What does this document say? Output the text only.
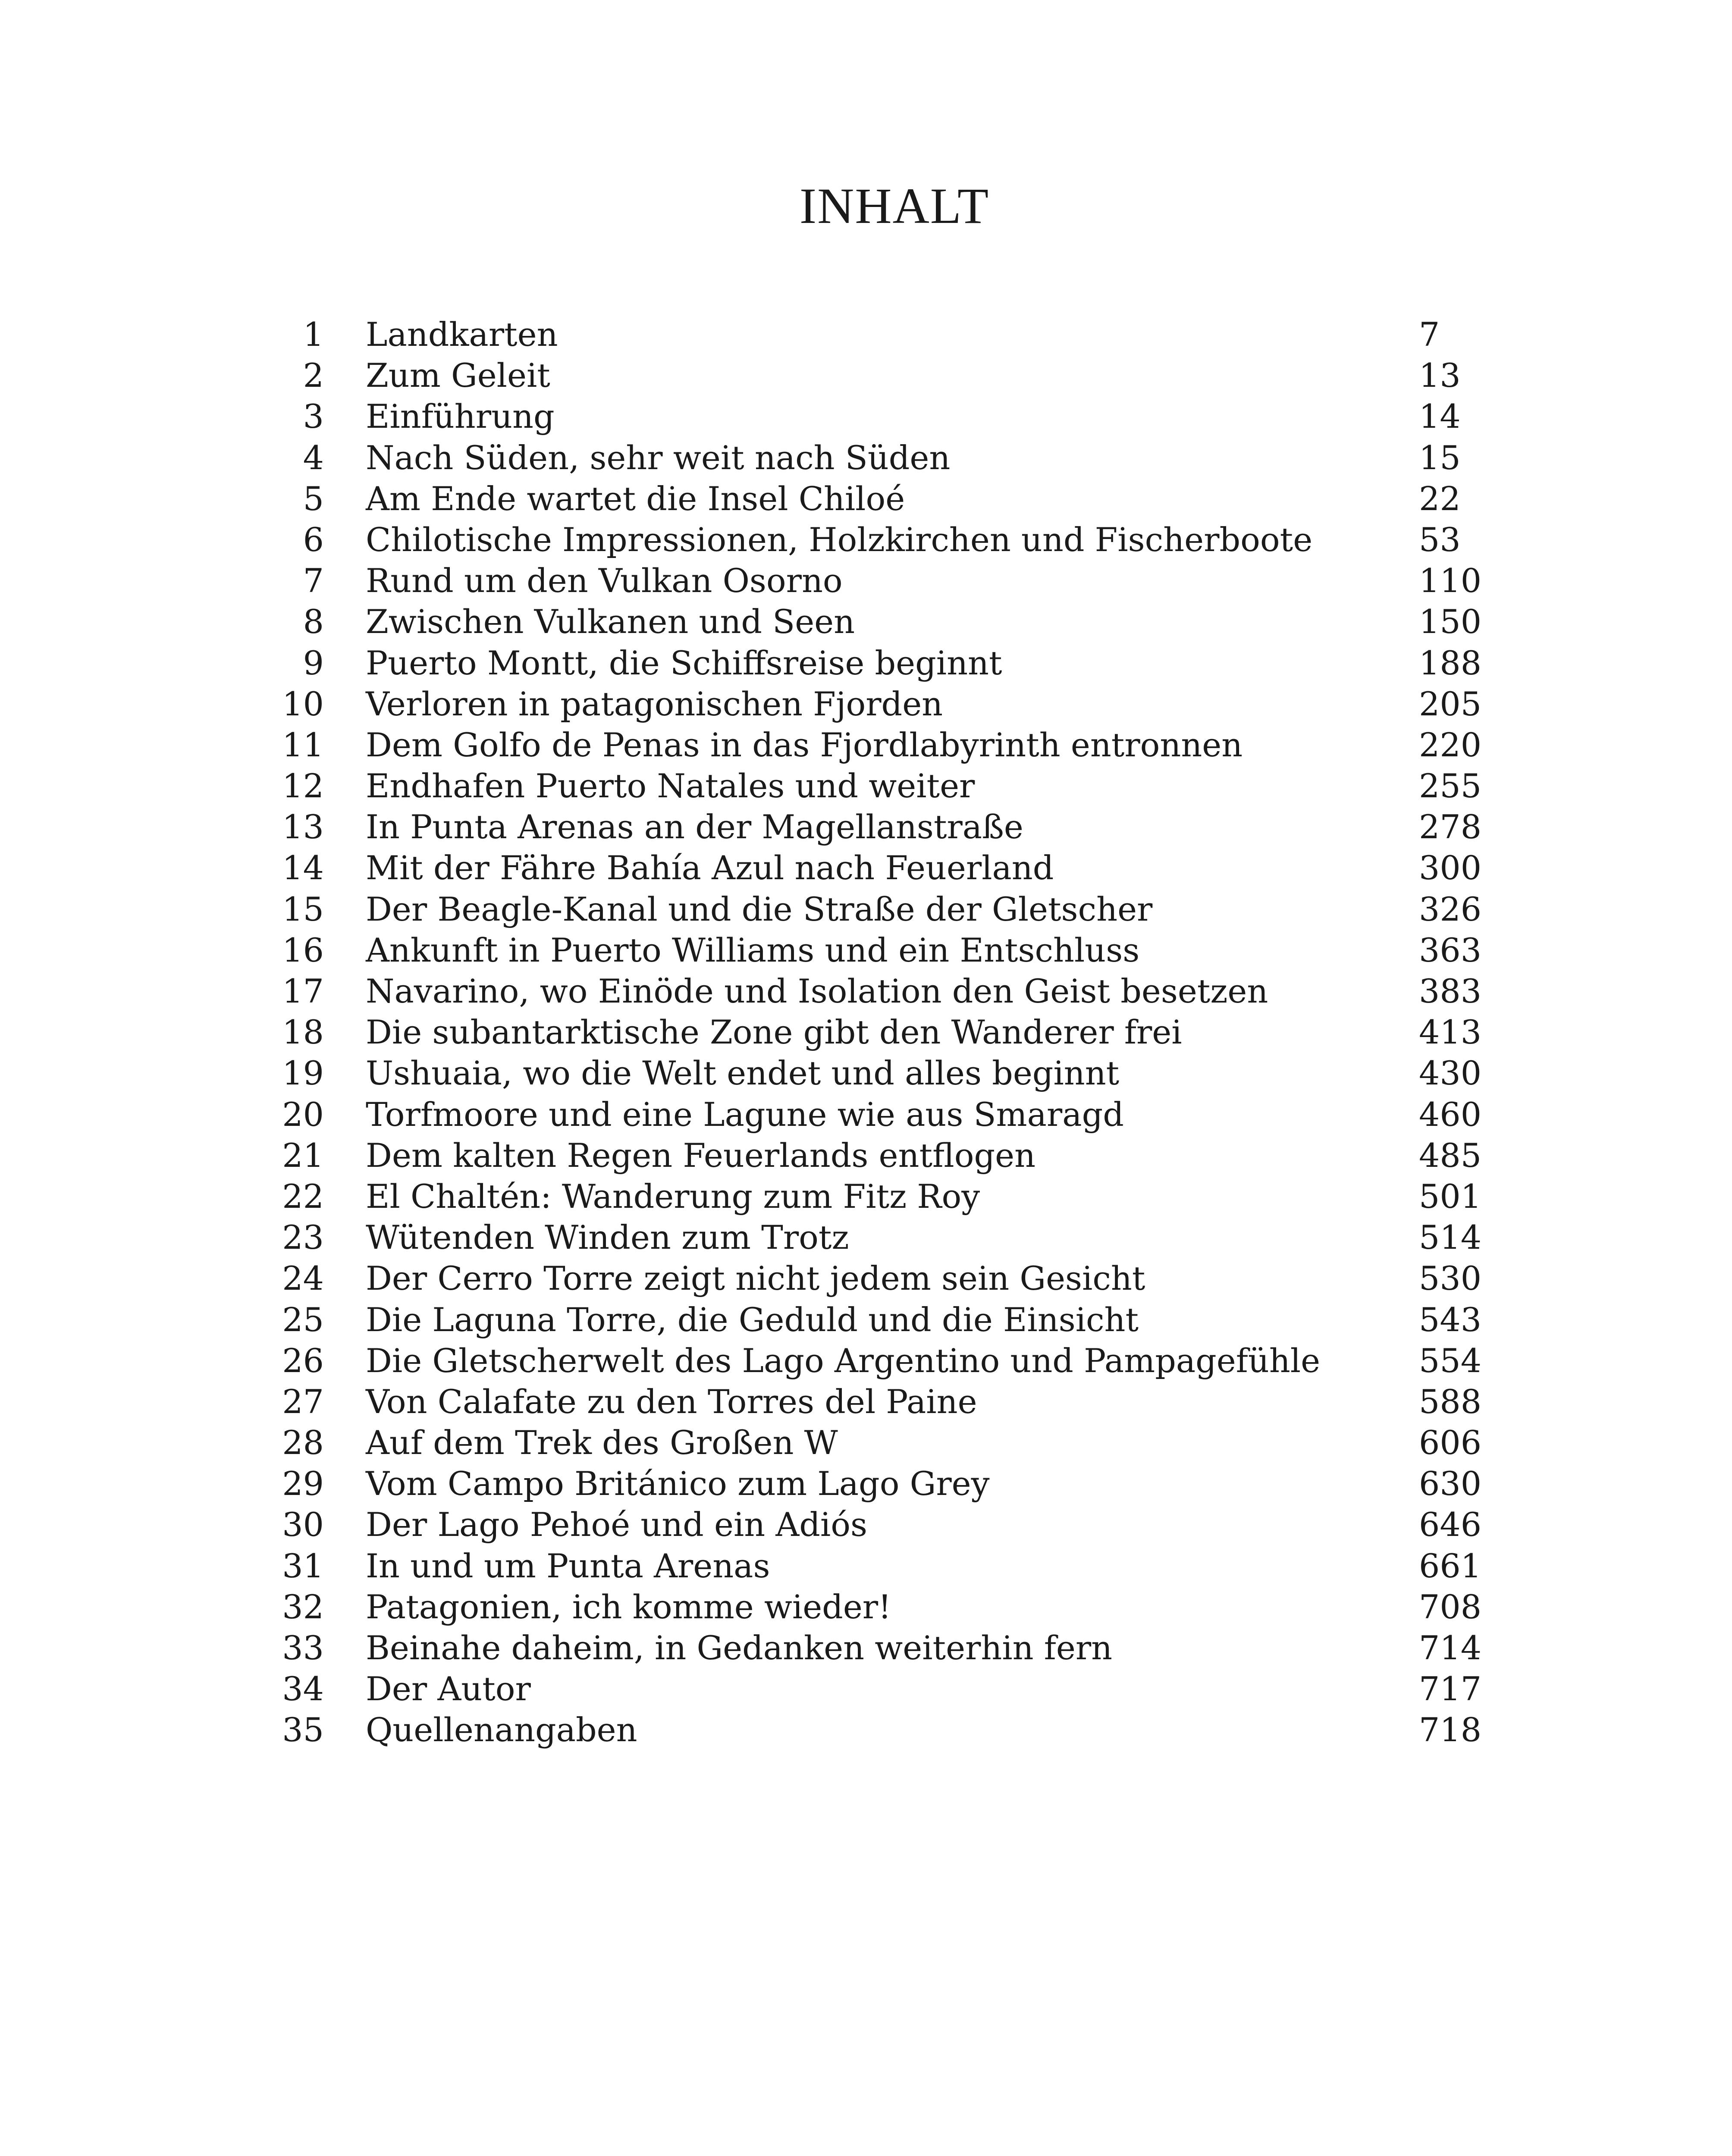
INHALT
1 Landkarten	7
2 Zum Geleit	13
3 Einführung	14
4 Nach Süden, sehr weit nach Süden	15
5 Am Ende wartet die Insel Chiloé	22
6 Chilotische Impressionen, Holzkirchen und Fischerboote	53
7 Rund um den Vulkan Osorno	110
8 Zwischen Vulkanen und Seen	150
9 Puerto Montt, die Schiffsreise beginnt	188
10 Verloren in patagonischen Fjorden	205
11 Dem Golfo de Penas in das Fjordlabyrinth entronnen	220
12 Endhafen Puerto Natales und weiter	255
13 In Punta Arenas an der Magellanstraße	278
14 Mit der Fähre Bahía Azul nach Feuerland	300
15 Der Beagle-Kanal und die Straße der Gletscher	326
16 Ankunft in Puerto Williams und ein Entschluss	363
17 Navarino, wo Einöde und Isolation den Geist besetzen	383
18 Die subantarktische Zone gibt den Wanderer frei	413
19 Ushuaia, wo die Welt endet und alles beginnt	430
20 Torfmoore und eine Lagune wie aus Smaragd	460
21 Dem kalten Regen Feuerlands entflogen	485
22 El Chaltén: Wanderung zum Fitz Roy	501
23 Wütenden Winden zum Trotz	514
24 Der Cerro Torre zeigt nicht jedem sein Gesicht	530
25 Die Laguna Torre, die Geduld und die Einsicht	543
26 Die Gletscherwelt des Lago Argentino und Pampagefühle	554
27 Von Calafate zu den Torres del Paine	588
28 Auf dem Trek des Großen W	606
29 Vom Campo Británico zum Lago Grey	630
30 Der Lago Pehoé und ein Adiós	646
31 In und um Punta Arenas	661
32 Patagonien, ich komme wieder!	708
33 Beinahe daheim, in Gedanken weiterhin fern	714
34 Der Autor	717
35 Quellenangaben	718
